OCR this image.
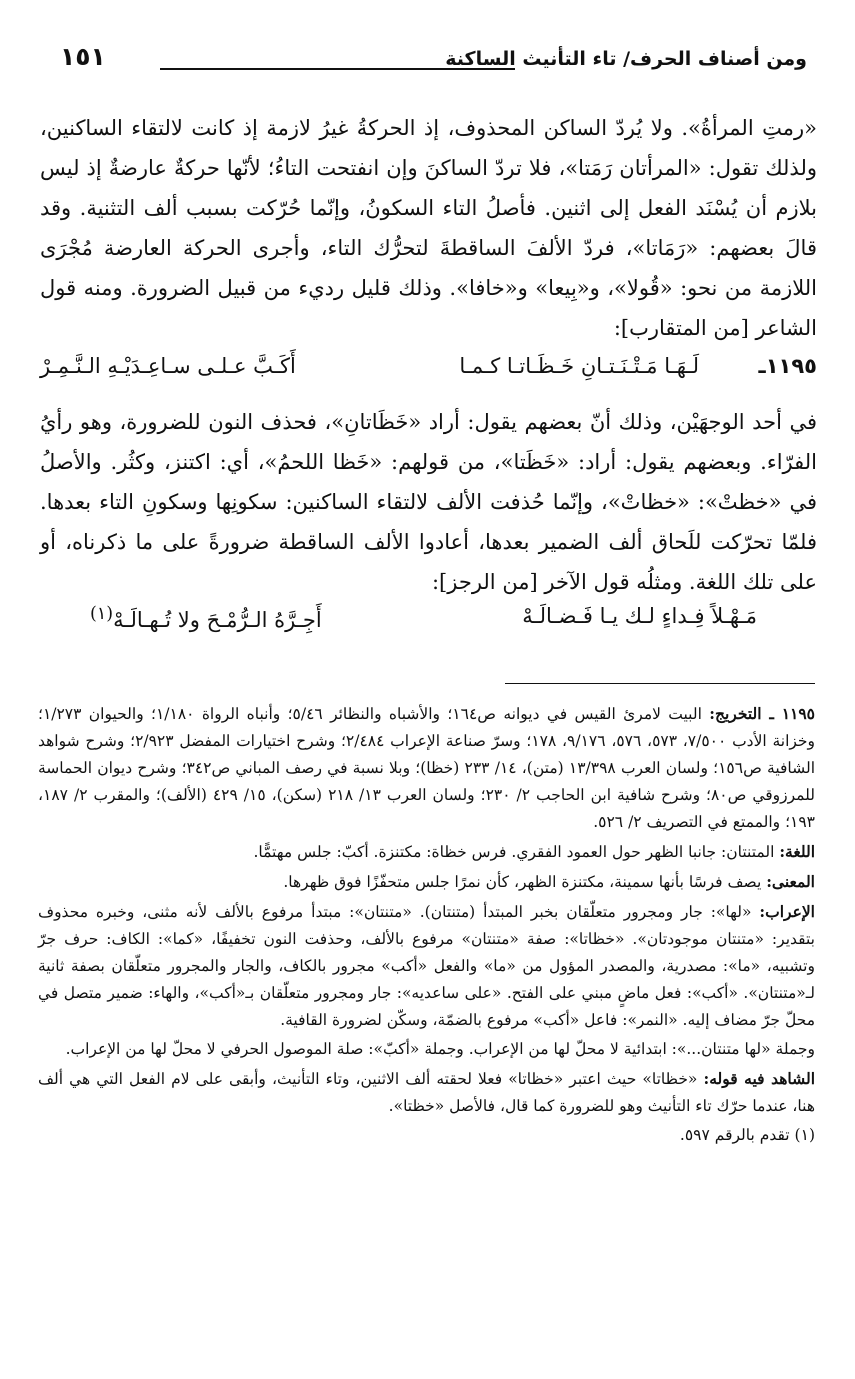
ومن أصناف الحرف/ تاء التأنيث الساكنة
١٥١

«رمتِ المرأةُ». ولا يُردّ الساكن المحذوف، إذ الحركةُ غيرُ لازمة إذ كانت لالتقاء الساكنين، ولذلك تقول: «المرأتان رَمَتا»، فلا تردّ الساكنَ وإن انفتحت التاءُ؛ لأنّها حركةٌ عارضةٌ إذ ليس بلازم أن يُسْنَد الفعل إلى اثنين. فأصلُ التاء السكونُ، وإنّما حُرّكت بسبب ألف التثنية. وقد قالَ بعضهم: «رَمَاتا»، فردّ الألفَ الساقطةَ لتحرُّك التاء، وأجرى الحركة العارضة مُجْرَى اللازمة من نحو: «قُولا»، و«بِيعا» و«خافا». وذلك قليل رديء من قبيل الضرورة. ومنه قول الشاعر [من المتقارب]:

١١٩٥ـ
لَـهَـا مَـتْـنَـتـانِ خَـظَـاتـا كـمـا
أَكَـبَّ عـلـى سـاعِـدَيْـهِ الـنَّـمِـرْ

في أحد الوجهَيْن، وذلك أنّ بعضهم يقول: أراد «خَظَاتانِ»، فحذف النون للضرورة، وهو رأيُ الفرّاء. وبعضهم يقول: أراد: «خَظَتا»، من قولهم: «خَظا اللحمُ»، أي: اكتنز، وكثُر. والأصلُ في «خظتْ»: «خظاتْ»، وإنّما حُذفت الألف لالتقاء الساكنين: سكونِها وسكونِ التاء بعدها. فلمّا تحرّكت للَحاق ألف الضمير بعدها، أعادوا الألف الساقطة ضرورةً على ما ذكرناه، أو على تلك اللغة. ومثلُه قول الآخر [من الرجز]:

مَـهْـلاً فِـداءٍ لـك يـا فَـضـالَـهْ
أَجِـرَّهُ الـرُّمْـحَ ولا تُـهـالَـهْ$^{(١)}$

١١٩٥ ـ التخريج: البيت لامرئ القيس في ديوانه ص١٦٤؛ والأشباه والنظائر ٥/٤٦؛ وأنباه الرواة ١/١٨٠؛ والحيوان ١/٢٧٣؛ وخزانة الأدب ٧/٥٠٠، ٥٧٣، ٥٧٦، ٩/١٧٦، ١٧٨؛ وسرّ صناعة الإعراب ٢/٤٨٤؛ وشرح اختيارات المفضل ٢/٩٢٣؛ وشرح شواهد الشافية ص١٥٦؛ ولسان العرب ١٣/٣٩٨ (متن)، ١٤/ ٢٣٣ (خظا)؛ وبلا نسبة في رصف المباني ص٣٤٢؛ وشرح ديوان الحماسة للمرزوقي ص٨٠؛ وشرح شافية ابن الحاجب ٢/ ٢٣٠؛ ولسان العرب ١٣/ ٢١٨ (سكن)، ١٥/ ٤٢٩ (الألف)؛ والمقرب ٢/ ١٨٧، ١٩٣؛ والممتع في التصريف ٢/ ٥٢٦.

اللغة: المتنتان: جانبا الظهر حول العمود الفقري. فرس خظاة: مكتنزة. أكبّ: جلس مهتمًّا.

المعنى: يصف فرسًا بأنها سمينة، مكتنزة الظهر، كأن نمرًا جلس متحفّزًا فوق ظهرها.

الإعراب: «لها»: جار ومجرور متعلّقان بخبر المبتدأ (متنتان). «متنتان»: مبتدأ مرفوع بالألف لأنه مثنى، وخبره محذوف بتقدير: «متنتان موجودتان». «خظاتا»: صفة «متنتان» مرفوع بالألف، وحذفت النون تخفيفًا، «كما»: الكاف: حرف جرّ وتشبيه، «ما»: مصدرية، والمصدر المؤول من «ما» والفعل «أكب» مجرور بالكاف، والجار والمجرور متعلّقان بصفة ثانية لـ«متنتان». «أكب»: فعل ماضٍ مبني على الفتح. «على ساعديه»: جار ومجرور متعلّقان بـ«أكب»، والهاء: ضمير متصل في محلّ جرّ مضاف إليه. «النمر»: فاعل «أكب» مرفوع بالضمّة، وسكّن لضرورة القافية.

وجملة «لها متنتان...»: ابتدائية لا محلّ لها من الإعراب. وجملة «أكبّ»: صلة الموصول الحرفي لا محلّ لها من الإعراب.

الشاهد فيه قوله: «خظاتا» حيث اعتبر «خظاتا» فعلا لحقته ألف الاثنين، وتاء التأنيث، وأبقى على لام الفعل التي هي ألف هنا، عندما حرّك تاء التأنيث وهو للضرورة كما قال، فالأصل «خظتا».

(١) تقدم بالرقم ٥٩٧.
